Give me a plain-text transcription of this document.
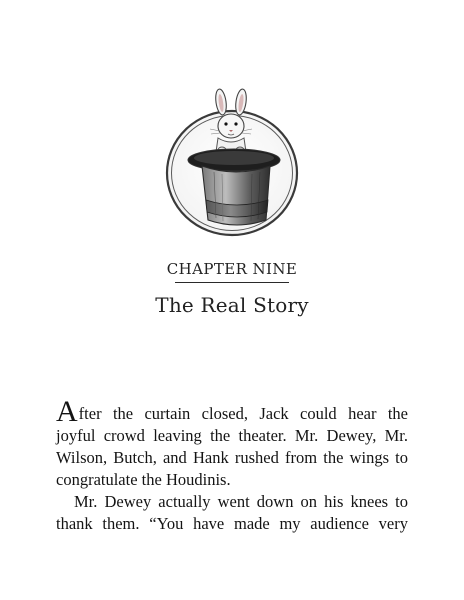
CHAPTER NINE
The Real Story
After the curtain closed, Jack could hear the
joyful crowd leaving the theater. Mr. Dewey, Mr.
Wilson, Butch, and Hank rushed from the wings to
congratulate the Houdinis.
Mr. Dewey actually went down on his knees to
thank them. “You have made my audience very
